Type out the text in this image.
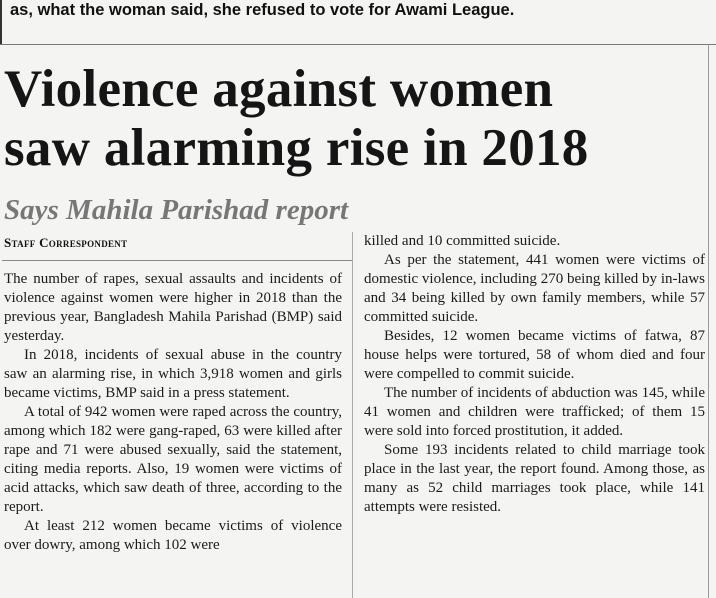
as, what the woman said, she refused to vote for Awami League.
Violence against women
saw alarming rise in 2018
Says Mahila Parishad report
Staff Correspondent

The number of rapes, sexual assaults and incidents of violence against women were higher in 2018 than the previous year, Bangladesh Mahila Parishad (BMP) said yesterday.

In 2018, incidents of sexual abuse in the country saw an alarming rise, in which 3,918 women and girls became victims, BMP said in a press statement.

A total of 942 women were raped across the country, among which 182 were gang-raped, 63 were killed after rape and 71 were abused sexually, said the statement, citing media reports. Also, 19 women were victims of acid attacks, which saw death of three, according to the report.

At least 212 women became victims of violence over dowry, among which 102 were

killed and 10 committed suicide.

As per the statement, 441 women were victims of domestic violence, including 270 being killed by in-laws and 34 being killed by own family members, while 57 committed suicide.

Besides, 12 women became victims of fatwa, 87 house helps were tortured, 58 of whom died and four were compelled to commit suicide.

The number of incidents of abduction was 145, while 41 women and children were trafficked; of them 15 were sold into forced prostitution, it added.

Some 193 incidents related to child marriage took place in the last year, the report found. Among those, as many as 52 child marriages took place, while 141 attempts were resisted.
